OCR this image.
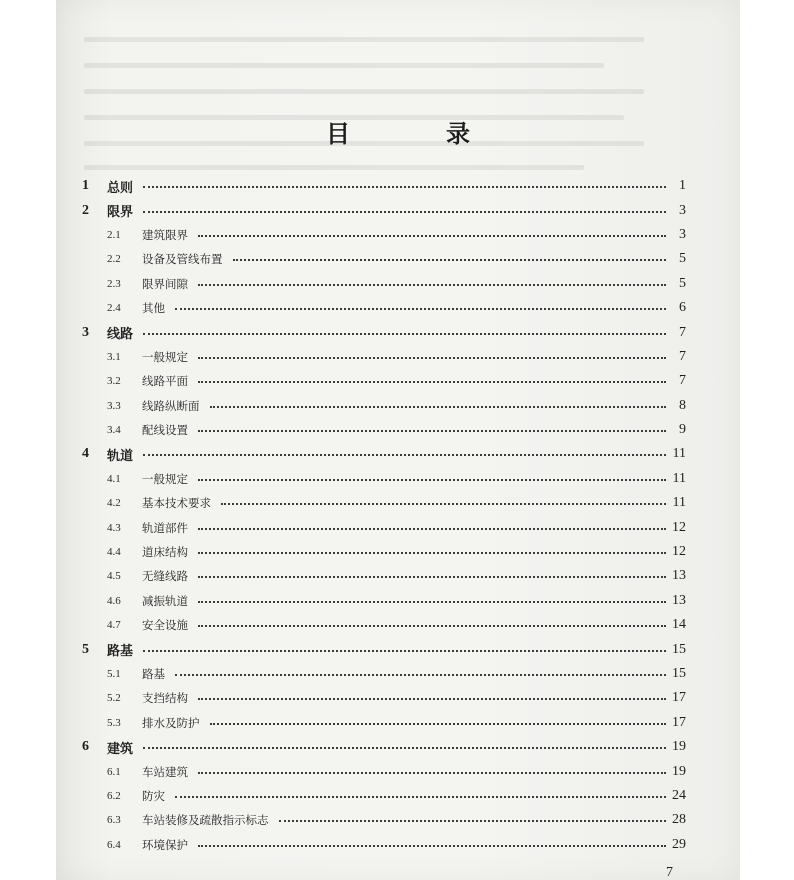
目　录
1	总则	1
2	限界	3
2.1	建筑限界	3
2.2	设备及管线布置	5
2.3	限界间隙	5
2.4	其他	6
3	线路	7
3.1	一般规定	7
3.2	线路平面	7
3.3	线路纵断面	8
3.4	配线设置	9
4	轨道	11
4.1	一般规定	11
4.2	基本技术要求	11
4.3	轨道部件	12
4.4	道床结构	12
4.5	无缝线路	13
4.6	减振轨道	13
4.7	安全设施	14
5	路基	15
5.1	路基	15
5.2	支挡结构	17
5.3	排水及防护	17
6	建筑	19
6.1	车站建筑	19
6.2	防灾	24
6.3	车站装修及疏散指示标志	28
6.4	环境保护	29
7
